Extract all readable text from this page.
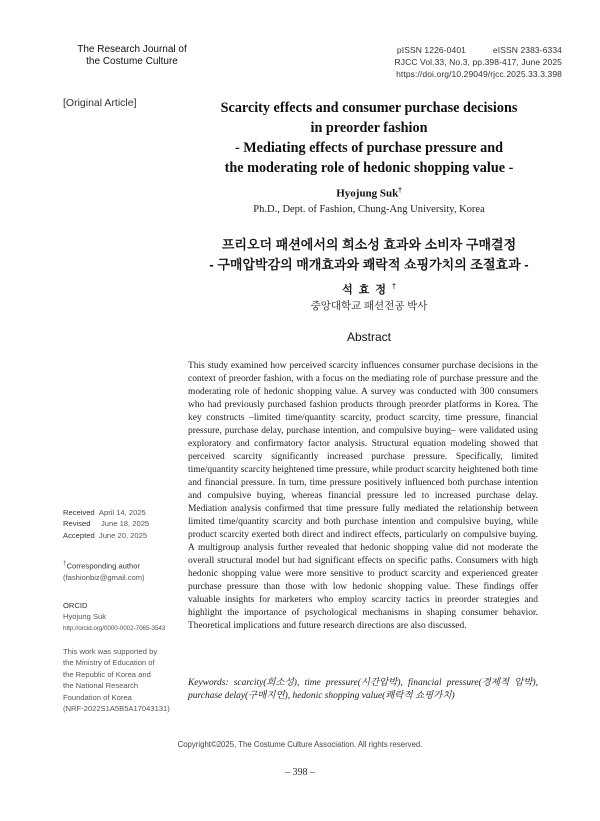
The Research Journal of
the Costume Culture
pISSN 1226-0401	eISSN 2383-6334
RJCC Vol.33, No.3, pp.398-417, June 2025
https://doi.org/10.29049/rjcc.2025.33.3.398
[Original Article]	Scarcity effects and consumer purchase decisions
in preorder fashion
- Mediating effects of purchase pressure and
the moderating role of hedonic shopping value -
Hyojung Suk†
Ph.D., Dept. of Fashion, Chung-Ang University, Korea
프리오더 패션에서의 희소성 효과와 소비자 구매결정
- 구매압박감의 매개효과와 쾌락적 쇼핑가치의 조절효과 -
석효정†
중앙대학교 패션전공 박사
Abstract
This study examined how perceived scarcity influences consumer purchase decisions in the context of preorder fashion, with a focus on the mediating role of purchase pressure and the moderating role of hedonic shopping value. A survey was conducted with 300 consumers who had previously purchased fashion products through preorder platforms in Korea. The key constructs –limited time/quantity scarcity, product scarcity, time pressure, financial pressure, purchase delay, purchase intention, and compulsive buying– were validated using exploratory and confirmatory factor analysis. Structural equation modeling showed that perceived scarcity significantly increased purchase pressure. Specifically, limited time/quantity scarcity heightened time pressure, while product scarcity heightened both time and financial pressure. In turn, time pressure positively influenced both purchase intention and compulsive buying, whereas financial pressure led to increased purchase delay. Mediation analysis confirmed that time pressure fully mediated the relationship between limited time/quantity scarcity and both purchase intention and compulsive buying, while product scarcity exerted both direct and indirect effects, particularly on compulsive buying. A multigroup analysis further revealed that hedonic shopping value did not moderate the overall structural model but had significant effects on specific paths. Consumers with high hedonic shopping value were more sensitive to product scarcity and experienced greater purchase pressure than those with low hedonic shopping value. These findings offer valuable insights for marketers who employ scarcity tactics in preorder strategies and highlight the importance of psychological mechanisms in shaping consumer behavior. Theoretical implications and future research directions are also discussed.
Keywords: scarcity(희소성), time pressure(시간압박), financial pressure(경제적 압박), purchase delay(구매지연), hedonic shopping value(쾌락적 쇼핑가치)
Received April 14, 2025
Revised June 18, 2025
Accepted June 20, 2025
†Corresponding author
(fashionbiz@gmail.com)
ORCID
Hyojung Suk
http://orcid.org/0000-0002-7065-3543
This work was supported by
the Ministry of Education of
the Republic of Korea and
the National Research
Foundation of Korea
(NRF-2022S1A5B5A17043131)
Copyright©2025, The Costume Culture Association. All rights reserved.
– 398 –
